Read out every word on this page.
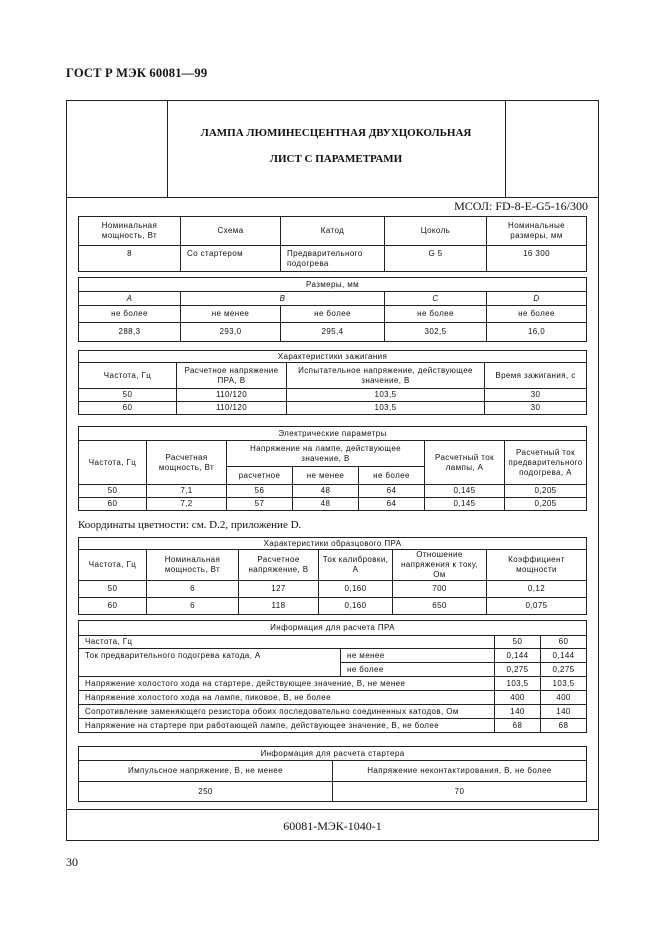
ГОСТ Р МЭК 60081—99
ЛАМПА ЛЮМИНЕСЦЕНТНАЯ ДВУХЦОКОЛЬНАЯ
ЛИСТ С ПАРАМЕТРАМИ
МСОЛ: FD-8-E-G5-16/300
60081-МЭК-1040-1
Номинальная мощность, Вт	Схема	Катод	Цоколь	Номинальные размеры, мм
8	Со стартером	Предварительного подогрева	G 5	16 300
Размеры, мм				
A	B		C	D
не более	не менее	не более	не более	не более
288,3	293,0	295,4	302,5	16,0
Характеристики зажигания			
Частота, Гц	Расчетное напряжение ПРА, В	Испытательное напряжение, действующее значение, В	Время зажигания, с
50	110/120	103,5	30
60	110/120	103,5	30
Электрические параметры						
Частота, Гц	Расчетная мощность, Вт	Напряжение на лампе, действующее значение, В			Расчетный ток лампы, А	Расчетный ток предварительного подогрева, А
		расчетное	не менее	не более		
50	7,1	56	48	64	0,145	0,205
60	7,2	57	48	64	0,145	0,205
Координаты цветности: см. D.2, приложение D.
Характеристики образцового ПРА					
Частота, Гц	Номинальная мощность, Вт	Расчетное напряжение, В	Ток калибровки, А	Отношение напряжения к току, Ом	Коэффициент мощности
50	6	127	0,160	700	0,12
60	6	118	0,160	650	0,075
Информация для расчета ПРА			
Частота, Гц		50	60
Ток предварительного подогрева катода, А	не менее	0,144	0,144
	не более	0,275	0,275
Напряжение холостого хода на стартере, действующее значение, В, не менее		103,5	103,5
Напряжение холостого хода на лампе, пиковое, В, не более		400	400
Сопротивление заменяющего резистора обоих последовательно соединенных катодов, Ом		140	140
Напряжение на стартере при работающей лампе, действующее значение, В, не более		68	68
Информация для расчета стартера	
Импульсное напряжение, В, не менее	Напряжение неконтактирования, В, не более
250	70
30
